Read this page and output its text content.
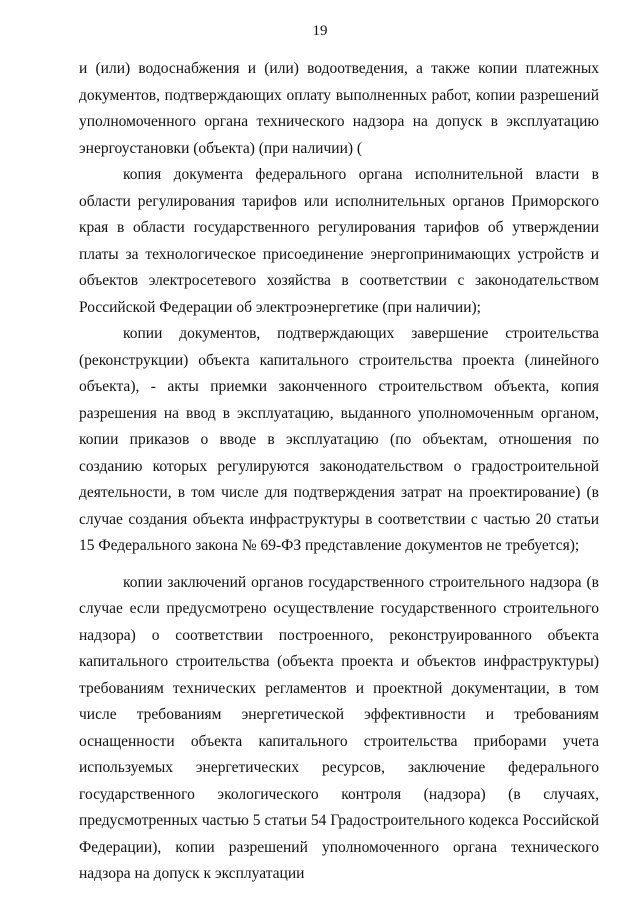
19

и (или) водоснабжения и (или) водоотведения, а также копии платежных документов, подтверждающих оплату выполненных работ, копии разрешений уполномоченного органа технического надзора на допуск в эксплуатацию энергоустановки (объекта) (при наличии) (

копия документа федерального органа исполнительной власти в области регулирования тарифов или исполнительных органов Приморского края в области государственного регулирования тарифов об утверждении платы за технологическое присоединение энергопринимающих устройств и объектов электросетевого хозяйства в соответствии с законодательством Российской Федерации об электроэнергетике (при наличии);

копии документов, подтверждающих завершение строительства (реконструкции) объекта капитального строительства проекта (линейного объекта), - акты приемки законченного строительством объекта, копия разрешения на ввод в эксплуатацию, выданного уполномоченным органом, копии приказов о вводе в эксплуатацию (по объектам, отношения по созданию которых регулируются законодательством о градостроительной деятельности, в том числе для подтверждения затрат на проектирование) (в случае создания объекта инфраструктуры в соответствии с частью 20 статьи 15 Федерального закона № 69-ФЗ представление документов не требуется);

копии заключений органов государственного строительного надзора (в случае если предусмотрено осуществление государственного строительного надзора) о соответствии построенного, реконструированного объекта капитального строительства (объекта проекта и объектов инфраструктуры) требованиям технических регламентов и проектной документации, в том числе требованиям энергетической эффективности и требованиям оснащенности объекта капитального строительства приборами учета используемых энергетических ресурсов, заключение федерального государственного экологического контроля (надзора) (в случаях, предусмотренных частью 5 статьи 54 Градостроительного кодекса Российской Федерации), копии разрешений уполномоченного органа технического надзора на допуск к эксплуатации
